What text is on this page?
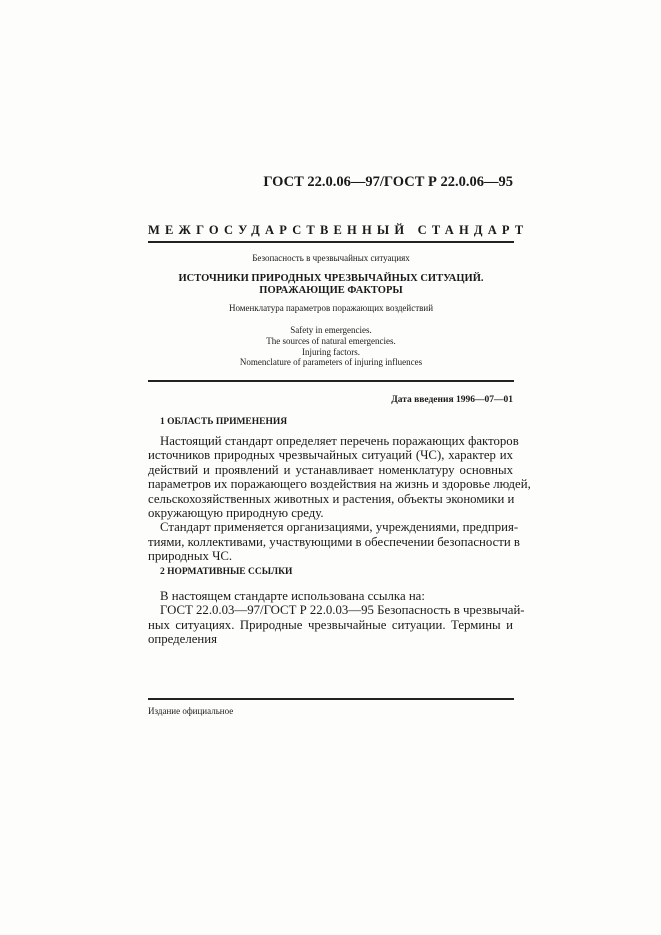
ГОСТ 22.0.06—97/ГОСТ Р 22.0.06—95
МЕЖГОСУДАРСТВЕННЫЙ СТАНДАРТ
Безопасность в чрезвычайных ситуациях
ИСТОЧНИКИ ПРИРОДНЫХ ЧРЕЗВЫЧАЙНЫХ СИТУАЦИЙ.
ПОРАЖАЮЩИЕ ФАКТОРЫ
Номенклатура параметров поражающих воздействий
Safety in emergencies.
The sources of natural emergencies.
Injuring factors.
Nomenclature of parameters of injuring influences
Дата введения 1996—07—01
1 ОБЛАСТЬ ПРИМЕНЕНИЯ
Настоящий стандарт определяет перечень поражающих факторов
источников природных чрезвычайных ситуаций (ЧС), характер их
действий и проявлений и устанавливает номенклатуру основных
параметров их поражающего воздействия на жизнь и здоровье людей,
сельскохозяйственных животных и растения, объекты экономики и
окружающую природную среду.
Стандарт применяется организациями, учреждениями, предприя-
тиями, коллективами, участвующими в обеспечении безопасности в
природных ЧС.
2 НОРМАТИВНЫЕ ССЫЛКИ
В настоящем стандарте использована ссылка на:
ГОСТ 22.0.03—97/ГОСТ Р 22.0.03—95 Безопасность в чрезвычай-
ных ситуациях. Природные чрезвычайные ситуации. Термины и
определения
Издание официальное
